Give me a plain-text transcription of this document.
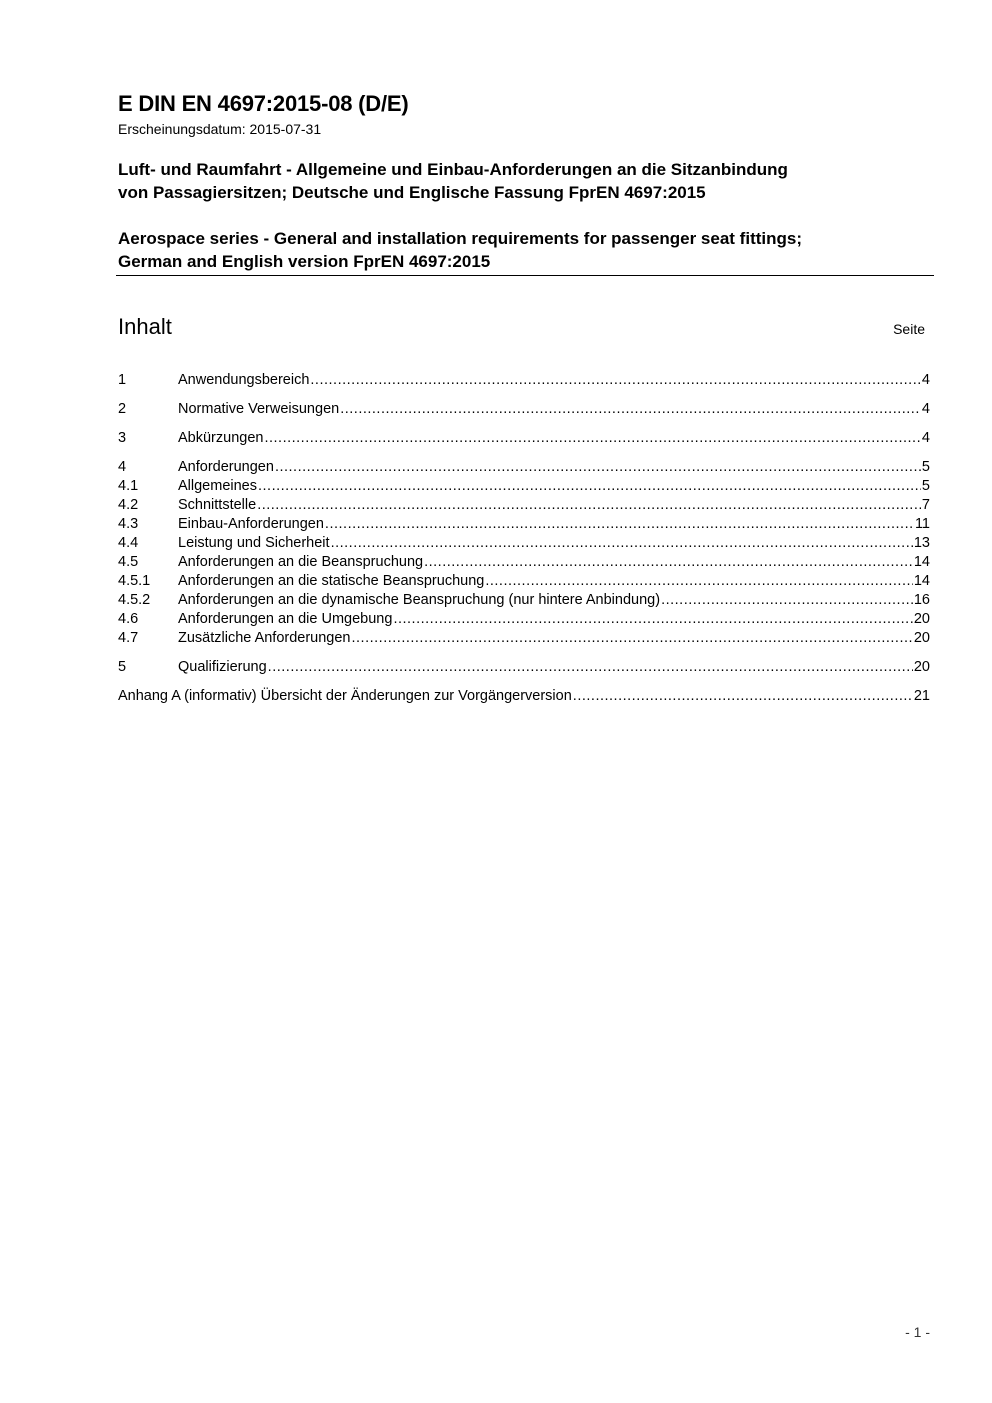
E DIN EN 4697:2015-08 (D/E)
Erscheinungsdatum: 2015-07-31
Luft- und Raumfahrt - Allgemeine und Einbau-Anforderungen an die Sitzanbindung
von Passagiersitzen; Deutsche und Englische Fassung FprEN 4697:2015
Aerospace series - General and installation requirements for passenger seat fittings;
German and English version FprEN 4697:2015
Inhalt	Seite
1	Anwendungsbereich .....	4
2	Normative Verweisungen .....	4
3	Abkürzungen .....	4
4	Anforderungen .....	5
4.1	Allgemeines .....	5
4.2	Schnittstelle .....	7
4.3	Einbau-Anforderungen .....	11
4.4	Leistung und Sicherheit .....	13
4.5	Anforderungen an die Beanspruchung .....	14
4.5.1	Anforderungen an die statische Beanspruchung .....	14
4.5.2	Anforderungen an die dynamische Beanspruchung (nur hintere Anbindung) .....	16
4.6	Anforderungen an die Umgebung .....	20
4.7	Zusätzliche Anforderungen .....	20
5	Qualifizierung .....	20
Anhang A (informativ) Übersicht der Änderungen zur Vorgängerversion .....	21
- 1 -
